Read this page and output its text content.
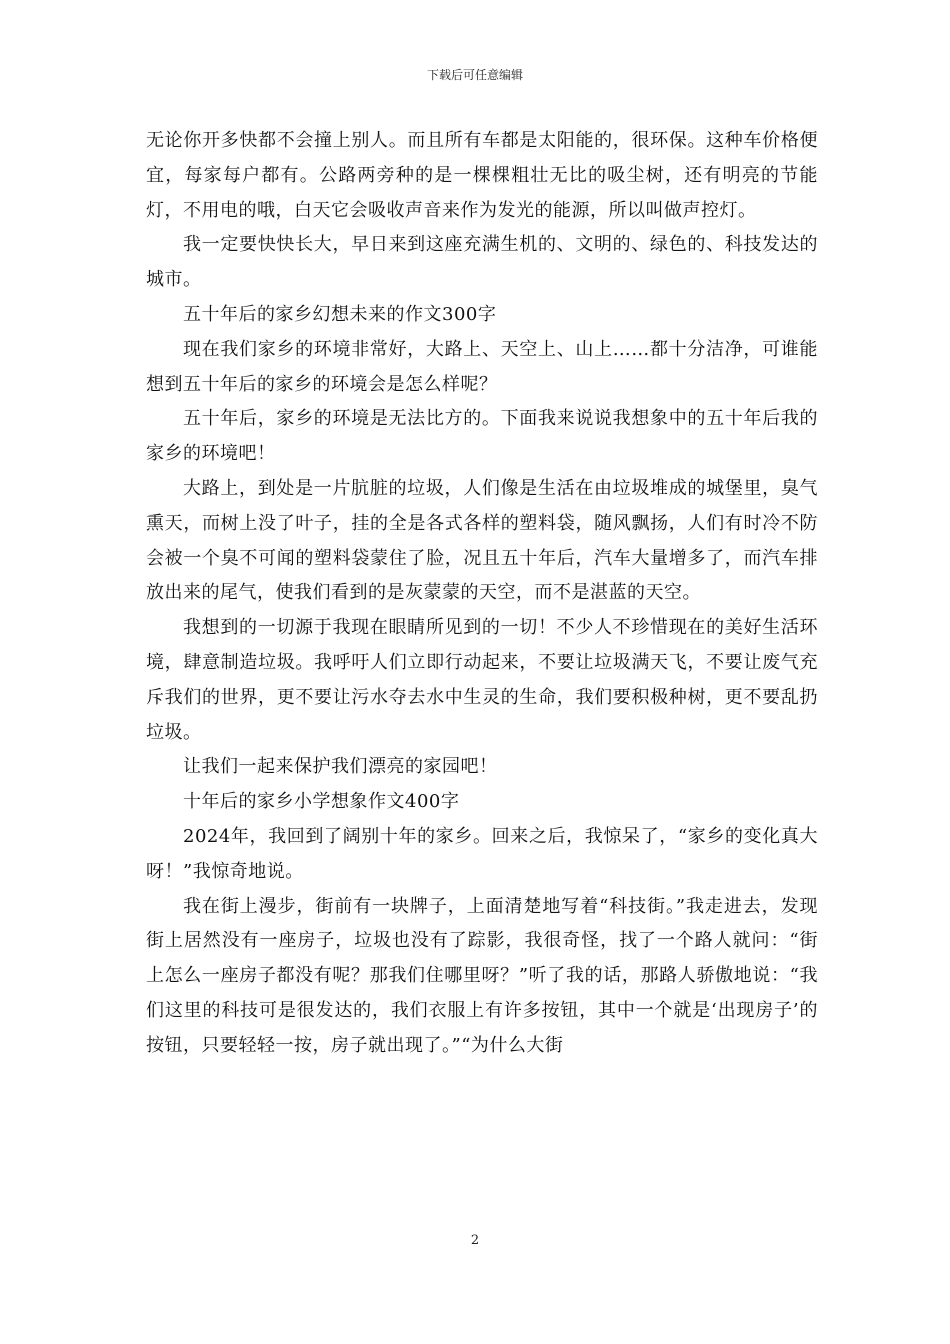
下载后可任意编辑

无论你开多快都不会撞上别人。而且所有车都是太阳能的，很环保。这种车价格便宜，每家每户都有。公路两旁种的是一棵棵粗壮无比的吸尘树，还有明亮的节能灯，不用电的哦，白天它会吸收声音来作为发光的能源，所以叫做声控灯。

我一定要快快长大，早日来到这座充满生机的、文明的、绿色的、科技发达的城市。

五十年后的家乡幻想未来的作文300字

现在我们家乡的环境非常好，大路上、天空上、山上……都十分洁净，可谁能想到五十年后的家乡的环境会是怎么样呢？

五十年后，家乡的环境是无法比方的。下面我来说说我想象中的五十年后我的家乡的环境吧！

大路上，到处是一片肮脏的垃圾，人们像是生活在由垃圾堆成的城堡里，臭气熏天，而树上没了叶子，挂的全是各式各样的塑料袋，随风飘扬，人们有时冷不防会被一个臭不可闻的塑料袋蒙住了脸，况且五十年后，汽车大量增多了，而汽车排放出来的尾气，使我们看到的是灰蒙蒙的天空，而不是湛蓝的天空。

我想到的一切源于我现在眼睛所见到的一切！不少人不珍惜现在的美好生活环境，肆意制造垃圾。我呼吁人们立即行动起来，不要让垃圾满天飞，不要让废气充斥我们的世界，更不要让污水夺去水中生灵的生命，我们要积极种树，更不要乱扔垃圾。

让我们一起来保护我们漂亮的家园吧！

十年后的家乡小学想象作文400字

2024年，我回到了阔别十年的家乡。回来之后，我惊呆了，“家乡的变化真大呀！”我惊奇地说。

我在街上漫步，街前有一块牌子，上面清楚地写着“科技街。”我走进去，发现街上居然没有一座房子，垃圾也没有了踪影，我很奇怪，找了一个路人就问：“街上怎么一座房子都没有呢？那我们住哪里呀？”听了我的话，那路人骄傲地说：“我们这里的科技可是很发达的，我们衣服上有许多按钮，其中一个就是‘出现房子’的按钮，只要轻轻一按，房子就出现了。”“为什么大街

2
